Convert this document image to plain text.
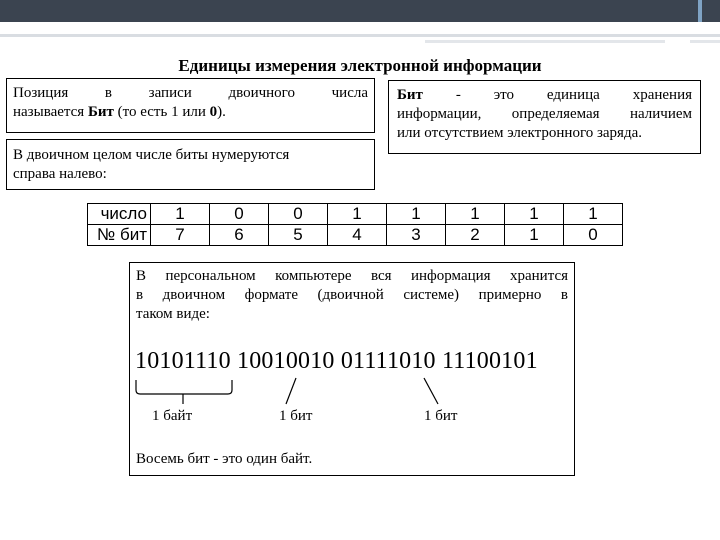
Единицы измерения электронной информации
Позиция в записи двоичного числа
называется Бит (то есть 1 или 0).
В двоичном целом числе биты нумеруются
справа налево:
Бит - это единица хранения
информации, определяемая наличием
или отсутствием электронного заряда.
число	1	0	0	1	1	1	1	1
№ бит	7	6	5	4	3	2	1	0
В персональном компьютере вся информация хранится
в двоичном формате (двоичной системе) примерно в
таком виде:
10101110 10010010 01111010 11100101
1 байт	1 бит	1 бит
Восемь бит - это один байт.
